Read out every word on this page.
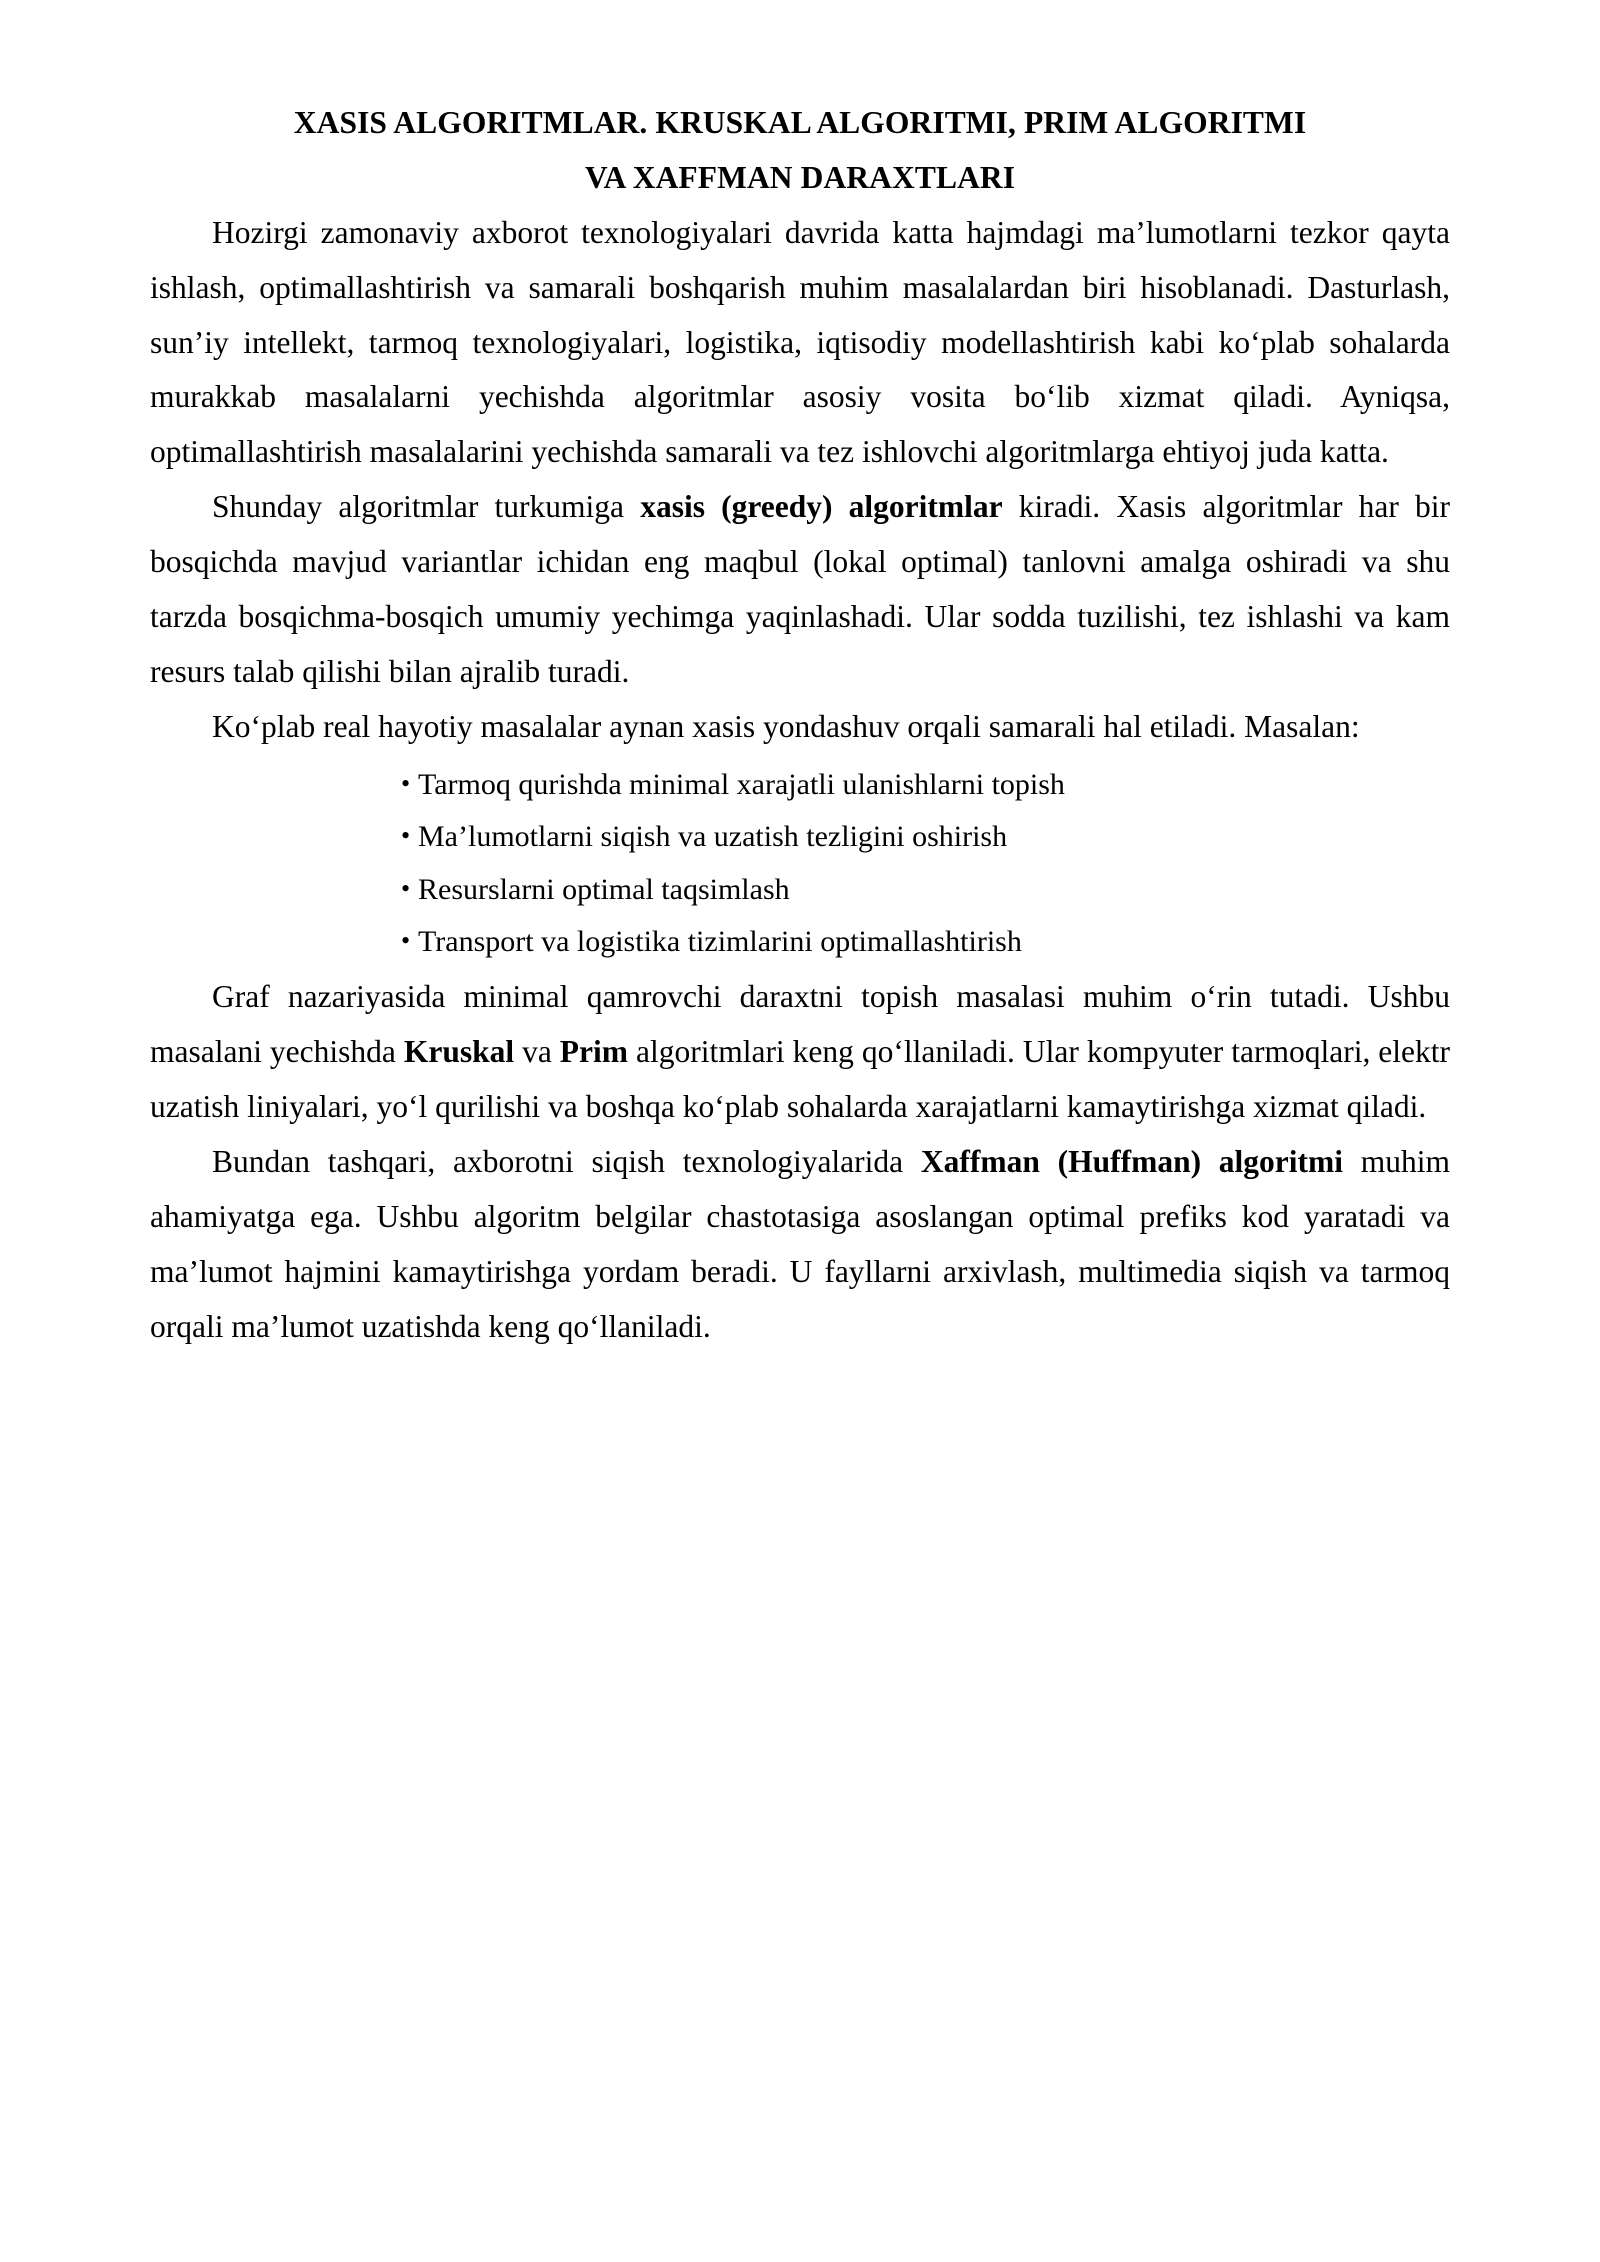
XASIS ALGORITMLAR. KRUSKAL ALGORITMI, PRIM ALGORITMI
VA XAFFMAN DARAXTLARI

Hozirgi zamonaviy axborot texnologiyalari davrida katta hajmdagi ma’lumotlarni tezkor qayta ishlash, optimallashtirish va samarali boshqarish muhim masalalardan biri hisoblanadi. Dasturlash, sun’iy intellekt, tarmoq texnologiyalari, logistika, iqtisodiy modellashtirish kabi ko‘plab sohalarda murakkab masalalarni yechishda algoritmlar asosiy vosita bo‘lib xizmat qiladi. Ayniqsa, optimallashtirish masalalarini yechishda samarali va tez ishlovchi algoritmlarga ehtiyoj juda katta.

Shunday algoritmlar turkumiga xasis (greedy) algoritmlar kiradi. Xasis algoritmlar har bir bosqichda mavjud variantlar ichidan eng maqbul (lokal optimal) tanlovni amalga oshiradi va shu tarzda bosqichma-bosqich umumiy yechimga yaqinlashadi. Ular sodda tuzilishi, tez ishlashi va kam resurs talab qilishi bilan ajralib turadi.

Ko‘plab real hayotiy masalalar aynan xasis yondashuv orqali samarali hal etiladi. Masalan:

• Tarmoq qurishda minimal xarajatli ulanishlarni topish
• Ma’lumotlarni siqish va uzatish tezligini oshirish
• Resurslarni optimal taqsimlash
• Transport va logistika tizimlarini optimallashtirish

Graf nazariyasida minimal qamrovchi daraxtni topish masalasi muhim o‘rin tutadi. Ushbu masalani yechishda Kruskal va Prim algoritmlari keng qo‘llaniladi. Ular kompyuter tarmoqlari, elektr uzatish liniyalari, yo‘l qurilishi va boshqa ko‘plab sohalarda xarajatlarni kamaytirishga xizmat qiladi.

Bundan tashqari, axborotni siqish texnologiyalarida Xaffman (Huffman) algoritmi muhim ahamiyatga ega. Ushbu algoritm belgilar chastotasiga asoslangan optimal prefiks kod yaratadi va ma’lumot hajmini kamaytirishga yordam beradi. U fayllarni arxivlash, multimedia siqish va tarmoq orqali ma’lumot uzatishda keng qo‘llaniladi.
